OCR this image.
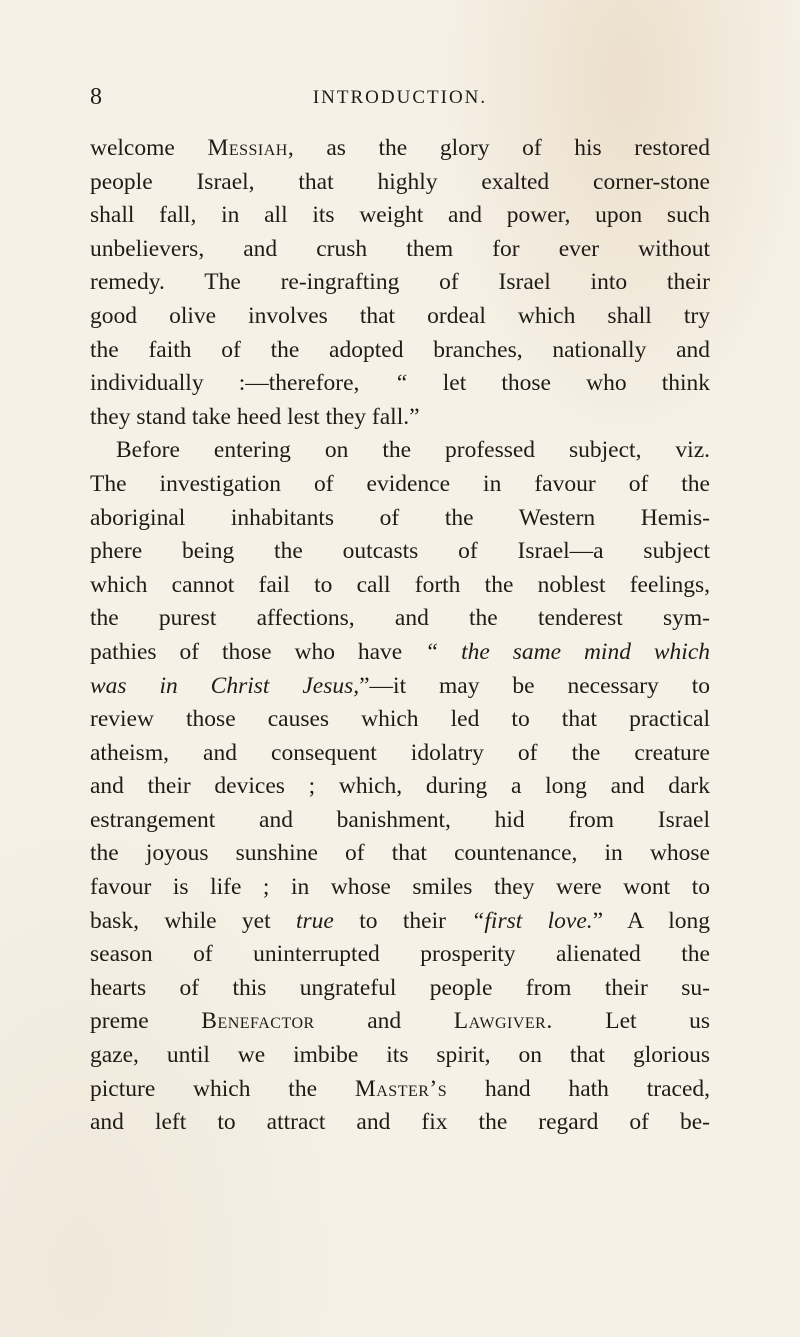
8	INTRODUCTION.
welcome Messiah, as the glory of his restored
people Israel, that highly exalted corner-stone
shall fall, in all its weight and power, upon such
unbelievers, and crush them for ever without
remedy. The re-ingrafting of Israel into their
good olive involves that ordeal which shall try
the faith of the adopted branches, nationally and
individually :—therefore, “ let those who think
they stand take heed lest they fall.”
Before entering on the professed subject, viz.
The investigation of evidence in favour of the
aboriginal inhabitants of the Western Hemis-
phere being the outcasts of Israel—a subject
which cannot fail to call forth the noblest feelings,
the purest affections, and the tenderest sym-
pathies of those who have “ the same mind which
was in Christ Jesus,”—it may be necessary to
review those causes which led to that practical
atheism, and consequent idolatry of the creature
and their devices ; which, during a long and dark
estrangement and banishment, hid from Israel
the joyous sunshine of that countenance, in whose
favour is life ; in whose smiles they were wont to
bask, while yet true to their “first love.” A long
season of uninterrupted prosperity alienated the
hearts of this ungrateful people from their su-
preme Benefactor and Lawgiver. Let us
gaze, until we imbibe its spirit, on that glorious
picture which the Master’s hand hath traced,
and left to attract and fix the regard of be-
